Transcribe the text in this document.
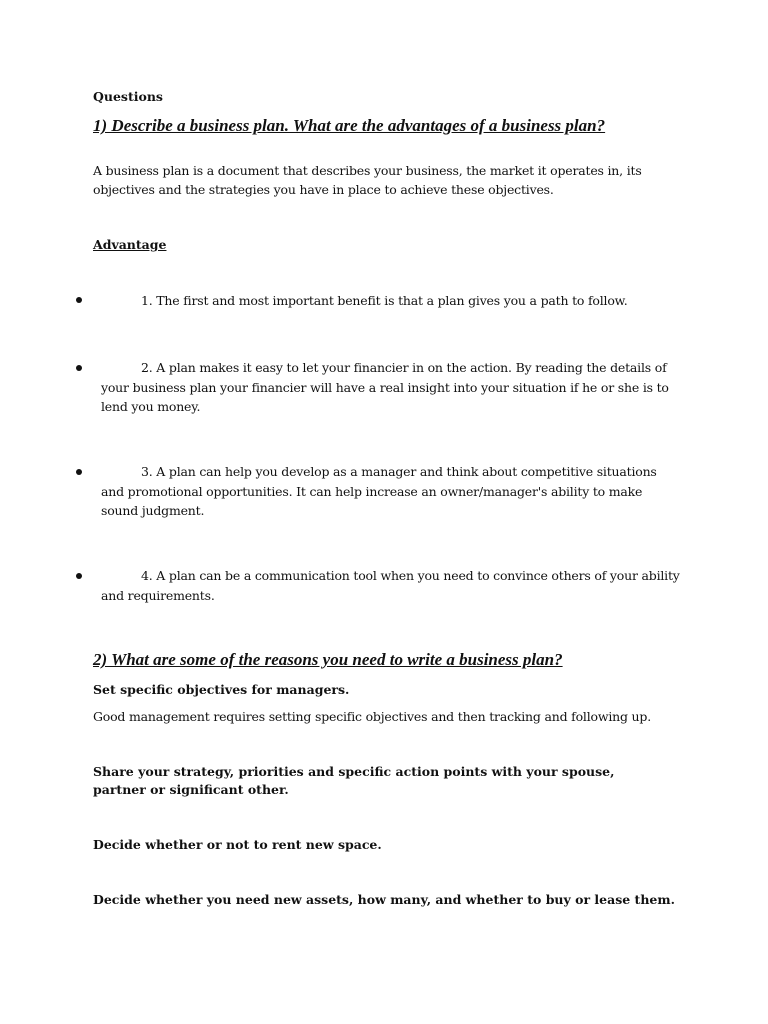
Questions

1) Describe a business plan. What are the advantages of a business plan?

A business plan is a document that describes your business, the market it operates in, its objectives and the strategies you have in place to achieve these objectives.

Advantage

1. The first and most important benefit is that a plan gives you a path to follow.

2. A plan makes it easy to let your financier in on the action. By reading the details of your business plan your financier will have a real insight into your situation if he or she is to lend you money.

3. A plan can help you develop as a manager and think about competitive situations and promotional opportunities. It can help increase an owner/manager's ability to make sound judgment.

4. A plan can be a communication tool when you need to convince others of your ability and requirements.

2) What are some of the reasons you need to write a business plan?

Set specific objectives for managers.

Good management requires setting specific objectives and then tracking and following up.

Share your strategy, priorities and specific action points with your spouse, partner or significant other.

Decide whether or not to rent new space.

Decide whether you need new assets, how many, and whether to buy or lease them.
